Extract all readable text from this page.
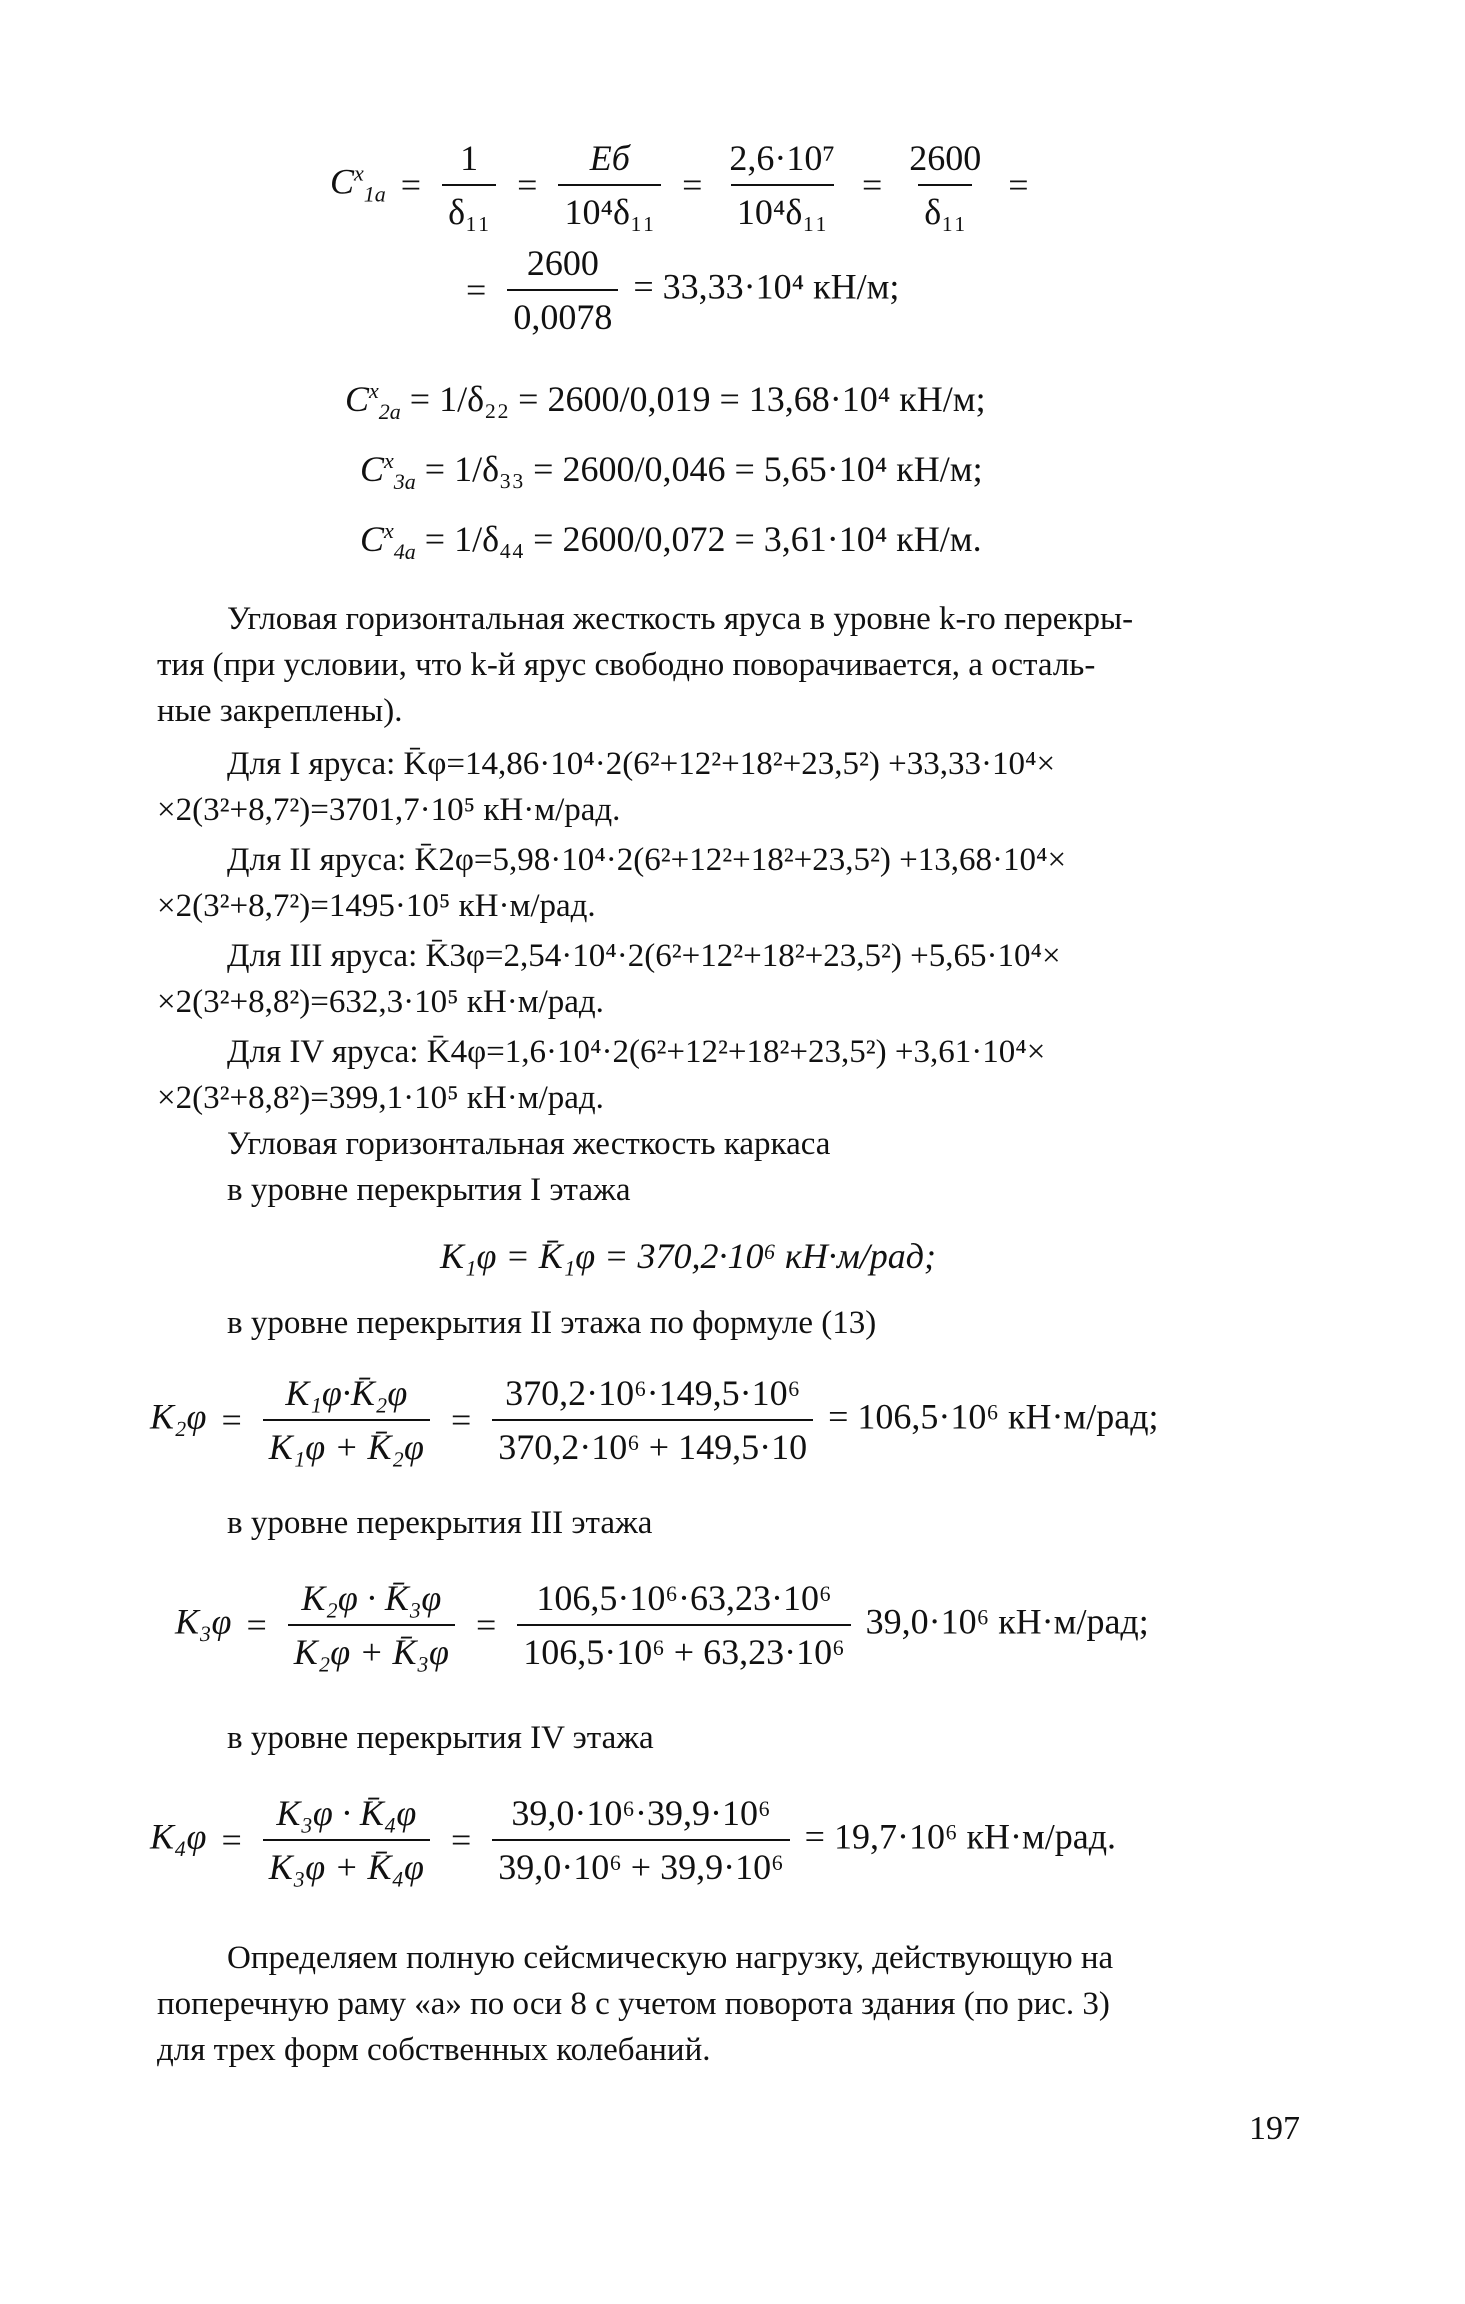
$C^x_{1a} = \frac{1}{\text{δ₁₁}} = \frac{Eб}{\text{10⁴δ₁₁}} = \frac{\text{2,6·10⁷}}{\text{10⁴δ₁₁}} = \frac{2600}{\text{δ₁₁}}$ =
= $\frac{2600}{0,0078} = 33,33\cdot 10^4$ кН/м;
$C^x_{2a} = 1/\delta_{22} = 2600/0,019 = 13,68\cdot 10^4$ кН/м;
$C^x_{3a} = 1/\delta_{33} = 2600/0,046 = 5,65\cdot 10^4$ кН/м;
$C^x_{4a} = 1/\delta_{44} = 2600/0,072 = 3,61\cdot 10^4$ кН/м.
Угловая горизонтальная жесткость яруса в уровне k-го перекры-
тия (при условии, что k-й ярус свободно поворачивается, а осталь-
ные закреплены).
Для I яруса: K̄φ=14,86·10⁴·2(6²+12²+18²+23,5²) +33,33·10⁴×
×2(3²+8,7²)=3701,7·10⁵ кН·м/рад.
Для II яруса: K̄2φ=5,98·10⁴·2(6²+12²+18²+23,5²) +13,68·10⁴×
×2(3²+8,7²)=1495·10⁵ кН·м/рад.
Для III яруса: K̄3φ=2,54·10⁴·2(6²+12²+18²+23,5²) +5,65·10⁴×
×2(3²+8,8²)=632,3·10⁵ кН·м/рад.
Для IV яруса: K̄4φ=1,6·10⁴·2(6²+12²+18²+23,5²) +3,61·10⁴×
×2(3²+8,8²)=399,1·10⁵ кН·м/рад.
Угловая горизонтальная жесткость каркаса
в уровне перекрытия I этажа
K₁φ = K̄₁φ = 370,2·10⁶ кН·м/рад;
в уровне перекрытия II этажа по формуле (13)
$K_2\varphi = \frac{\text{K₁φ·K̄₂φ}}{\text{K₁φ + K̄₂φ}} = \frac{\text{370,2·10⁶·149,5·10⁶}}{\text{370,2·10⁶ + 149,5·10}} = 106,5\cdot 10^6$ кН·м/рад;
в уровне перекрытия III этажа
$K_3\varphi = \frac{\text{K₂φ · K̄₃φ}}{\text{K₂φ + K̄₃φ}} = \frac{\text{106,5·10⁶·63,23·10⁶}}{\text{106,5·10⁶ + 63,23·10⁶}} 39,0\cdot 10^6$ кН·м/рад;
в уровне перекрытия IV этажа
$K_4\varphi = \frac{\text{K₃φ · K̄₄φ}}{\text{K₃φ + K̄₄φ}} = \frac{\text{39,0·10⁶·39,9·10⁶}}{\text{39,0·10⁶ + 39,9·10⁶}} = 19,7\cdot 10^6$ кН·м/рад.
Определяем полную сейсмическую нагрузку, действующую на
поперечную раму «а» по оси 8 с учетом поворота здания (по рис. 3)
для трех форм собственных колебаний.
197
